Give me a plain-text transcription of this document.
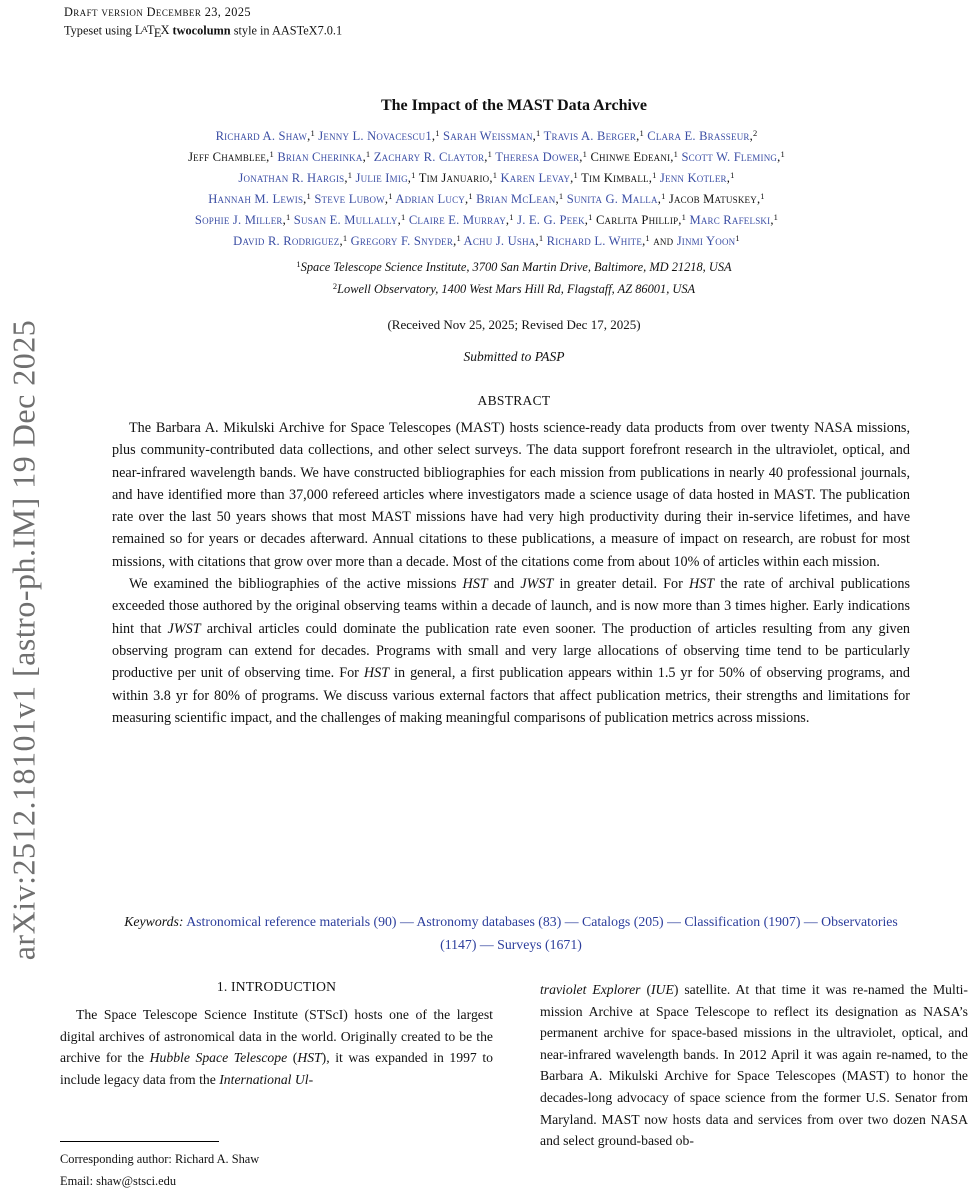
arXiv:2512.18101v1 [astro-ph.IM] 19 Dec 2025
Draft version December 23, 2025
Typeset using LATEX twocolumn style in AASTeX7.0.1
The Impact of the MAST Data Archive
Richard A. Shaw,$^1$ Jenny L. Novacescu1,$^1$ Sarah Weissman,$^1$ Travis A. Berger,$^1$ Clara E. Brasseur,$^2$
Jeff Chamblee,$^1$ Brian Cherinka,$^1$ Zachary R. Claytor,$^1$ Theresa Dower,$^1$ Chinwe Edeani,$^1$ Scott W. Fleming,$^1$
Jonathan R. Hargis,$^1$ Julie Imig,$^1$ Tim Januario,$^1$ Karen Levay,$^1$ Tim Kimball,$^1$ Jenn Kotler,$^1$
Hannah M. Lewis,$^1$ Steve Lubow,$^1$ Adrian Lucy,$^1$ Brian McLean,$^1$ Sunita G. Malla,$^1$ Jacob Matuskey,$^1$
Sophie J. Miller,$^1$ Susan E. Mullally,$^1$ Claire E. Murray,$^1$ J. E. G. Peek,$^1$ Carlita Phillip,$^1$ Marc Rafelski,$^1$
David R. Rodriguez,$^1$ Gregory F. Snyder,$^1$ Achu J. Usha,$^1$ Richard L. White,$^1$ and Jinmi Yoon$^1$
$^1$Space Telescope Science Institute, 3700 San Martin Drive, Baltimore, MD 21218, USA
$^2$Lowell Observatory, 1400 West Mars Hill Rd, Flagstaff, AZ 86001, USA
(Received Nov 25, 2025; Revised Dec 17, 2025)
Submitted to PASP
ABSTRACT

The Barbara A. Mikulski Archive for Space Telescopes (MAST) hosts science-ready data products from over twenty NASA missions, plus community-contributed data collections, and other select surveys. The data support forefront research in the ultraviolet, optical, and near-infrared wavelength bands. We have constructed bibliographies for each mission from publications in nearly 40 professional journals, and have identified more than 37,000 refereed articles where investigators made a science usage of data hosted in MAST. The publication rate over the last 50 years shows that most MAST missions have had very high productivity during their in-service lifetimes, and have remained so for years or decades afterward. Annual citations to these publications, a measure of impact on research, are robust for most missions, with citations that grow over more than a decade. Most of the citations come from about 10% of articles within each mission.

We examined the bibliographies of the active missions HST and JWST in greater detail. For HST the rate of archival publications exceeded those authored by the original observing teams within a decade of launch, and is now more than 3 times higher. Early indications hint that JWST archival articles could dominate the publication rate even sooner. The production of articles resulting from any given observing program can extend for decades. Programs with small and very large allocations of observing time tend to be particularly productive per unit of observing time. For HST in general, a first publication appears within 1.5 yr for 50% of observing programs, and within 3.8 yr for 80% of programs. We discuss various external factors that affect publication metrics, their strengths and limitations for measuring scientific impact, and the challenges of making meaningful comparisons of publication metrics across missions.

Keywords: Astronomical reference materials (90) — Astronomy databases (83) — Catalogs (205) — Classification (1907) — Observatories (1147) — Surveys (1671)
1. INTRODUCTION

The Space Telescope Science Institute (STScI) hosts one of the largest digital archives of astronomical data in the world. Originally created to be the archive for the Hubble Space Telescope (HST), it was expanded in 1997 to include legacy data from the International Ul-

traviolet Explorer (IUE) satellite. At that time it was re-named the Multi-mission Archive at Space Telescope to reflect its designation as NASA’s permanent archive for space-based missions in the ultraviolet, optical, and near-infrared wavelength bands. In 2012 April it was again re-named, to the Barbara A. Mikulski Archive for Space Telescopes (MAST) to honor the decades-long advocacy of space science from the former U.S. Senator from Maryland. MAST now hosts data and services from over two dozen NASA and select ground-based ob-

Corresponding author: Richard A. Shaw
Email: shaw@stsci.edu
